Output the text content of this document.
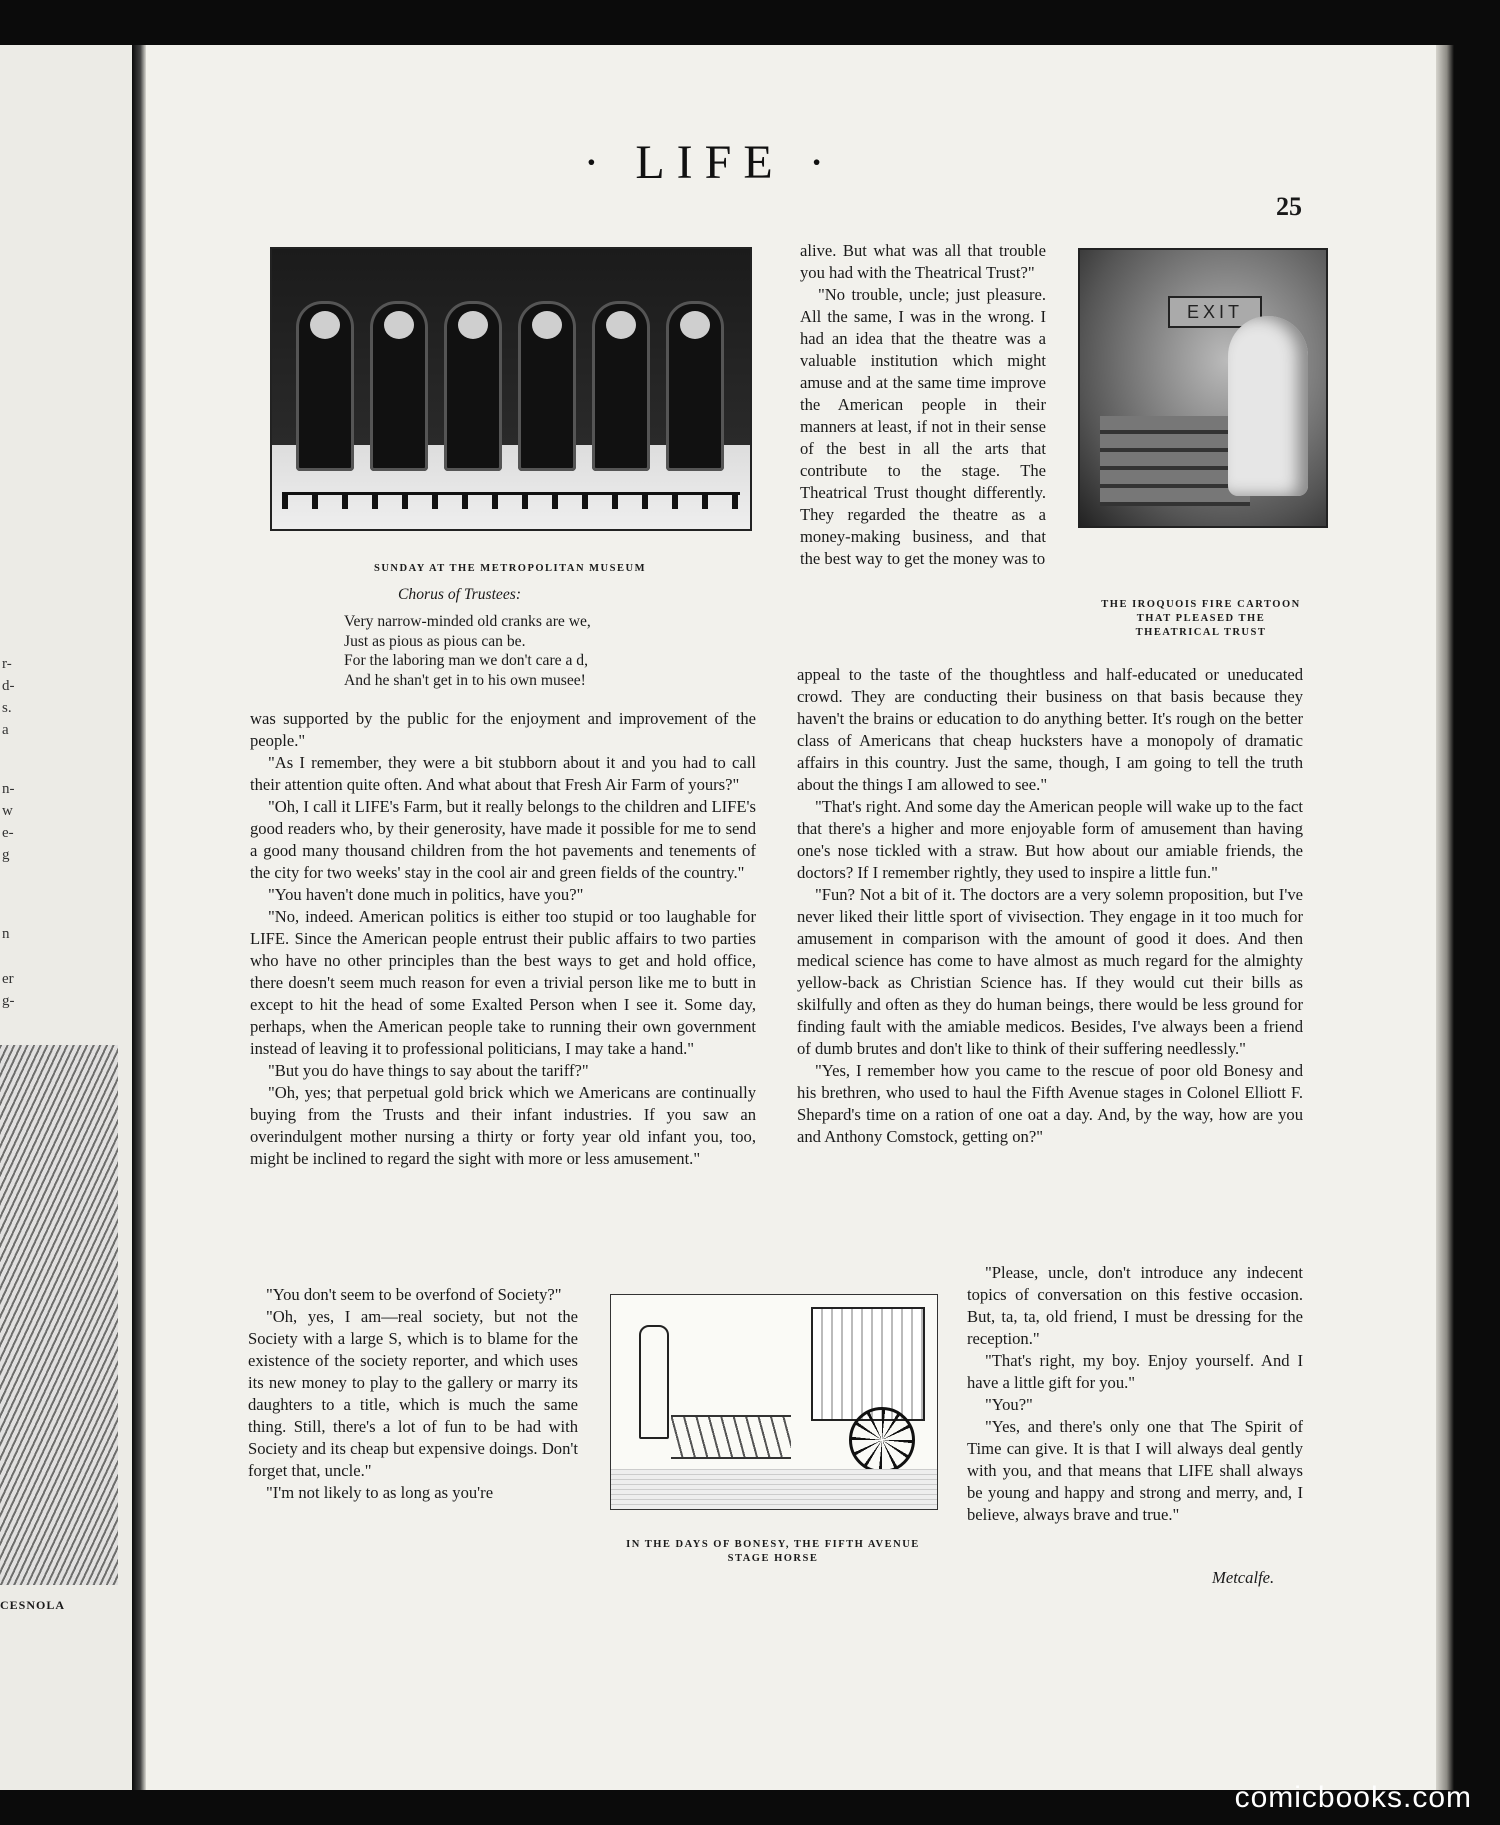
r-
d-
s.
a
n-
w
e-
g
n
er
g-
CESNOLA
· LIFE ·
25
SUNDAY AT THE METROPOLITAN MUSEUM
Chorus of Trustees:
Very narrow-minded old cranks are we,
Just as pious as pious can be.
For the laboring man we don't care a d,
And he shan't get in to his own musee!
EXIT
THE IROQUOIS FIRE CARTOON
THAT PLEASED THE
THEATRICAL TRUST

alive. But what was all that trouble you had with the Theatrical Trust?"

"No trouble, uncle; just pleasure. All the same, I was in the wrong. I had an idea that the theatre was a valuable institution which might amuse and at the same time improve the American people in their manners at least, if not in their sense of the best in all the arts that contribute to the stage. The Theatrical Trust thought differently. They regarded the theatre as a money-making business, and that the best way to get the money was to

appeal to the taste of the thoughtless and half-educated or uneducated crowd. They are conducting their business on that basis because they haven't the brains or education to do anything better. It's rough on the better class of Americans that cheap hucksters have a monopoly of dramatic affairs in this country. Just the same, though, I am going to tell the truth about the things I am allowed to see."

"That's right. And some day the American people will wake up to the fact that there's a higher and more enjoyable form of amusement than having one's nose tickled with a straw. But how about our amiable friends, the doctors? If I remember rightly, they used to inspire a little fun."

"Fun? Not a bit of it. The doctors are a very solemn proposition, but I've never liked their little sport of vivisection. They engage in it too much for amusement in comparison with the amount of good it does. And then medical science has come to have almost as much regard for the almighty yellow-back as Christian Science has. If they would cut their bills as skilfully and often as they do human beings, there would be less ground for finding fault with the amiable medicos. Besides, I've always been a friend of dumb brutes and don't like to think of their suffering needlessly."

"Yes, I remember how you came to the rescue of poor old Bonesy and his brethren, who used to haul the Fifth Avenue stages in Colonel Elliott F. Shepard's time on a ration of one oat a day. And, by the way, how are you and Anthony Comstock, getting on?"

was supported by the public for the enjoyment and improvement of the people."

"As I remember, they were a bit stubborn about it and you had to call their attention quite often. And what about that Fresh Air Farm of yours?"

"Oh, I call it LIFE's Farm, but it really belongs to the children and LIFE's good readers who, by their generosity, have made it possible for me to send a good many thousand children from the hot pavements and tenements of the city for two weeks' stay in the cool air and green fields of the country."

"You haven't done much in politics, have you?"

"No, indeed. American politics is either too stupid or too laughable for LIFE. Since the American people entrust their public affairs to two parties who have no other principles than the best ways to get and hold office, there doesn't seem much reason for even a trivial person like me to butt in except to hit the head of some Exalted Person when I see it. Some day, perhaps, when the American people take to running their own government instead of leaving it to professional politicians, I may take a hand."

"But you do have things to say about the tariff?"

"Oh, yes; that perpetual gold brick which we Americans are continually buying from the Trusts and their infant industries. If you saw an overindulgent mother nursing a thirty or forty year old infant you, too, might be inclined to regard the sight with more or less amusement."

"You don't seem to be overfond of Society?"

"Oh, yes, I am—real society, but not the Society with a large S, which is to blame for the existence of the society reporter, and which uses its new money to play to the gallery or marry its daughters to a title, which is much the same thing. Still, there's a lot of fun to be had with Society and its cheap but expensive doings. Don't forget that, uncle."

"I'm not likely to as long as you're

IN THE DAYS OF BONESY, THE FIFTH AVENUE
STAGE HORSE

"Please, uncle, don't introduce any indecent topics of conversation on this festive occasion. But, ta, ta, old friend, I must be dressing for the reception."

"That's right, my boy. Enjoy yourself. And I have a little gift for you."

"You?"

"Yes, and there's only one that The Spirit of Time can give. It is that I will always deal gently with you, and that means that LIFE shall always be young and happy and strong and merry, and, I believe, always brave and true."

Metcalfe.
comicbooks.com
